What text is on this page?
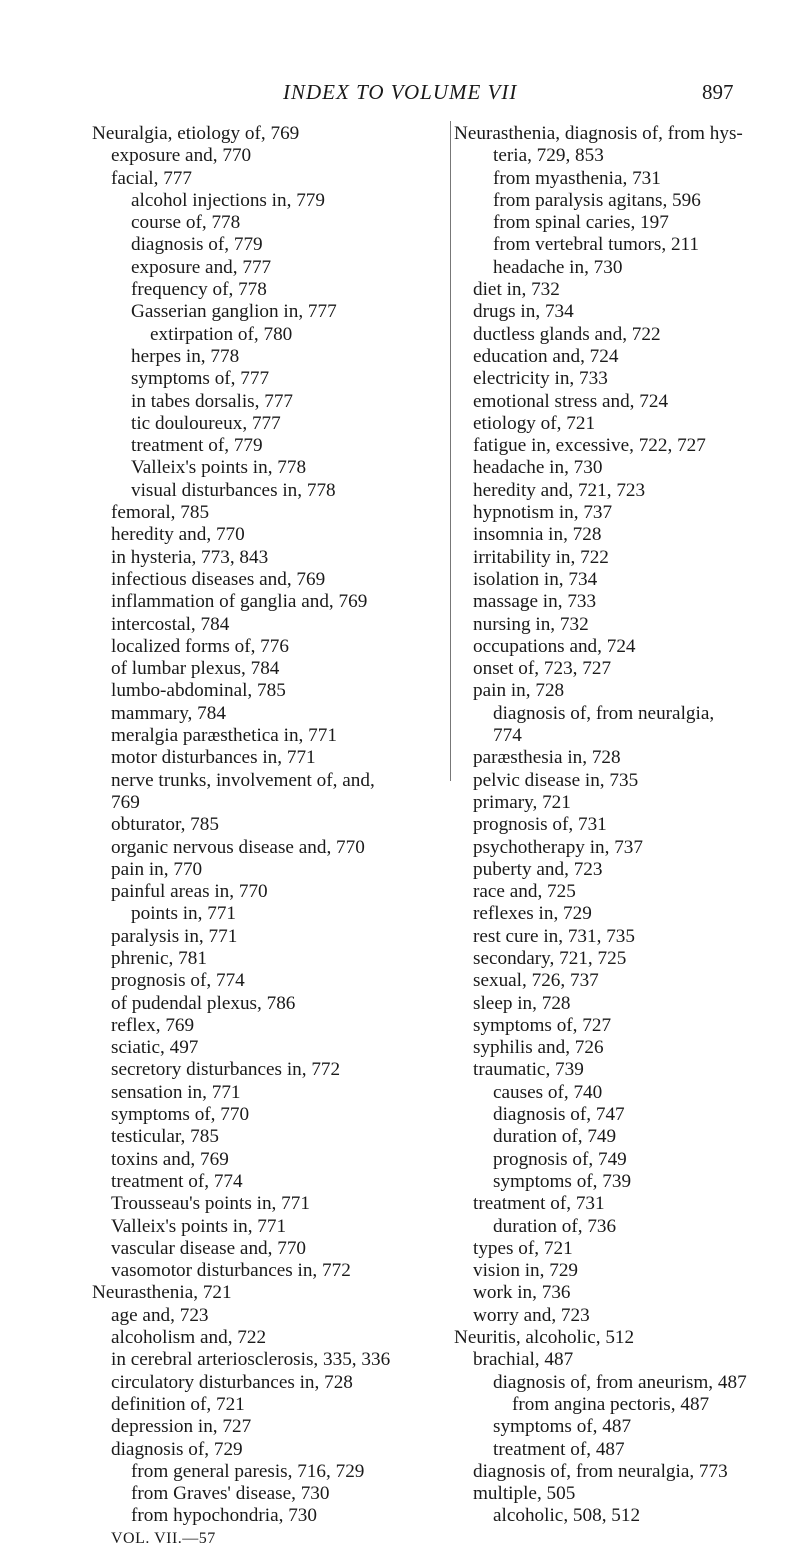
INDEX TO VOLUME VII	897
Neuralgia, etiology of, 769
exposure and, 770
facial, 777
alcohol injections in, 779
course of, 778
diagnosis of, 779
exposure and, 777
frequency of, 778
Gasserian ganglion in, 777
extirpation of, 780
herpes in, 778
symptoms of, 777
in tabes dorsalis, 777
tic douloureux, 777
treatment of, 779
Valleix's points in, 778
visual disturbances in, 778
femoral, 785
heredity and, 770
in hysteria, 773, 843
infectious diseases and, 769
inflammation of ganglia and, 769
intercostal, 784
localized forms of, 776
of lumbar plexus, 784
lumbo-abdominal, 785
mammary, 784
meralgia paræsthetica in, 771
motor disturbances in, 771
nerve trunks, involvement of, and,
769
obturator, 785
organic nervous disease and, 770
pain in, 770
painful areas in, 770
points in, 771
paralysis in, 771
phrenic, 781
prognosis of, 774
of pudendal plexus, 786
reflex, 769
sciatic, 497
secretory disturbances in, 772
sensation in, 771
symptoms of, 770
testicular, 785
toxins and, 769
treatment of, 774
Trousseau's points in, 771
Valleix's points in, 771
vascular disease and, 770
vasomotor disturbances in, 772
Neurasthenia, 721
age and, 723
alcoholism and, 722
in cerebral arteriosclerosis, 335, 336
circulatory disturbances in, 728
definition of, 721
depression in, 727
diagnosis of, 729
from general paresis, 716, 729
from Graves' disease, 730
from hypochondria, 730
VOL. VII.—57
Neurasthenia, diagnosis of, from hys-
teria, 729, 853
from myasthenia, 731
from paralysis agitans, 596
from spinal caries, 197
from vertebral tumors, 211
headache in, 730
diet in, 732
drugs in, 734
ductless glands and, 722
education and, 724
electricity in, 733
emotional stress and, 724
etiology of, 721
fatigue in, excessive, 722, 727
headache in, 730
heredity and, 721, 723
hypnotism in, 737
insomnia in, 728
irritability in, 722
isolation in, 734
massage in, 733
nursing in, 732
occupations and, 724
onset of, 723, 727
pain in, 728
diagnosis of, from neuralgia,
774
paræsthesia in, 728
pelvic disease in, 735
primary, 721
prognosis of, 731
psychotherapy in, 737
puberty and, 723
race and, 725
reflexes in, 729
rest cure in, 731, 735
secondary, 721, 725
sexual, 726, 737
sleep in, 728
symptoms of, 727
syphilis and, 726
traumatic, 739
causes of, 740
diagnosis of, 747
duration of, 749
prognosis of, 749
symptoms of, 739
treatment of, 731
duration of, 736
types of, 721
vision in, 729
work in, 736
worry and, 723
Neuritis, alcoholic, 512
brachial, 487
diagnosis of, from aneurism, 487
from angina pectoris, 487
symptoms of, 487
treatment of, 487
diagnosis of, from neuralgia, 773
multiple, 505
alcoholic, 508, 512
